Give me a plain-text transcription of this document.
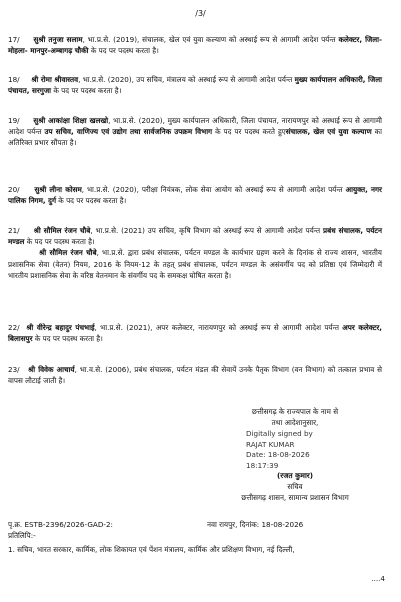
/3/
17/ सुश्री तनुजा सलाम, भा.प्र.से. (2019), संचालक, खेल एवं युवा कल्याण को अस्थाई रूप से आगामी आदेश पर्यन्त कलेक्टर, जिला-मोहला- मानपुर-अम्बागढ़ चौकी के पद पर पदस्थ करता है।
18/ श्री रोमा श्रीवास्तव, भा.प्र.से. (2020), उप सचिव, मंत्रालय को अस्थाई रूप से आगामी आदेश पर्यन्त मुख्य कार्यपालन अधिकारी, जिला पंचायत, सरगुजा के पद पर पदस्थ करता है।
19/ सुश्री आकांक्षा शिक्षा खलखो, भा.प्र.से. (2020), मुख्य कार्यपालन अधिकारी, जिला पंचायत, नारायणपुर को अस्थाई रूप से आगामी आदेश पर्यन्त उप सचिव, वाणिज्य एवं उद्योग तथा सार्वजनिक उपक्रम विभाग के पद पर पदस्थ करते हुएसंचालक, खेल एवं युवा कल्याण का अतिरिक्त प्रभार सौंपता है।
20/ सुश्री लीना कोसम, भा.प्र.से. (2020), परीक्षा नियंत्रक, लोक सेवा आयोग को अस्थाई रूप से आगामी आदेश पर्यन्त आयुक्त, नगर पालिक निगम, दुर्ग के पद पर पदस्थ करता है।
21/ श्री सौमिल रंजन चौबे, भा.प्र.से. (2021) उप सचिव, कृषि विभाग को अस्थाई रूप से आगामी आदेश पर्यन्त प्रबंध संचालक, पर्यटन मण्डल के पद पर पदस्थ करता है।
श्री सौमिल रंजन चौबे, भा.प्र.से. द्वारा प्रबंध संचालक, पर्यटन मण्डल के कार्यभार ग्रहण करने के दिनांक से राज्य शासन, भारतीय प्रशासनिक सेवा (वेतन) नियम, 2016 के नियम-12 के तहत् प्रबंध संचालक, पर्यटन मण्डल के असंवर्गीय पद को प्रतिष्ठा एवं जिम्मेदारी में भारतीय प्रशासनिक सेवा के वरिष्ठ वेतनमान के संवर्गीय पद के समकक्ष घोषित करता है।
22/ श्री वीरेन्द्र बहादुर पंचभाई, भा.प्र.से. (2021), अपर कलेक्टर, नारायणपुर को अस्थाई रूप से आगामी आदेश पर्यन्त अपर कलेक्टर, बिलासपुर के पद पर पदस्थ करता है।
23/ श्री विवेक आचार्य, भा.व.से. (2006), प्रबंध संचालक, पर्यटन मंडल की सेवायें उनके पैतृक विभाग (वन विभाग) को तत्काल प्रभाव से वापस लौटाई जाती है।
छत्तीसगढ़ के राज्यपाल के नाम से
तथा आदेशानुसार,
Digitally signed by
RAJAT KUMAR
Date: 18-08-2026
18:17:39
(रजत कुमार)
सचिव
छत्तीसगढ़ शासन, सामान्य प्रशासन विभाग
पृ.क्र. ESTB-2396/2026-GAD-2:	नवा रायपुर, दिनांक: 18-08-2026
प्रतिलिपि:-
1. सचिव, भारत सरकार, कार्मिक, लोक शिकायत एवं पेंशन मंत्रालय, कार्मिक और प्रशिक्षण विभाग, नई दिल्ली,
....4
